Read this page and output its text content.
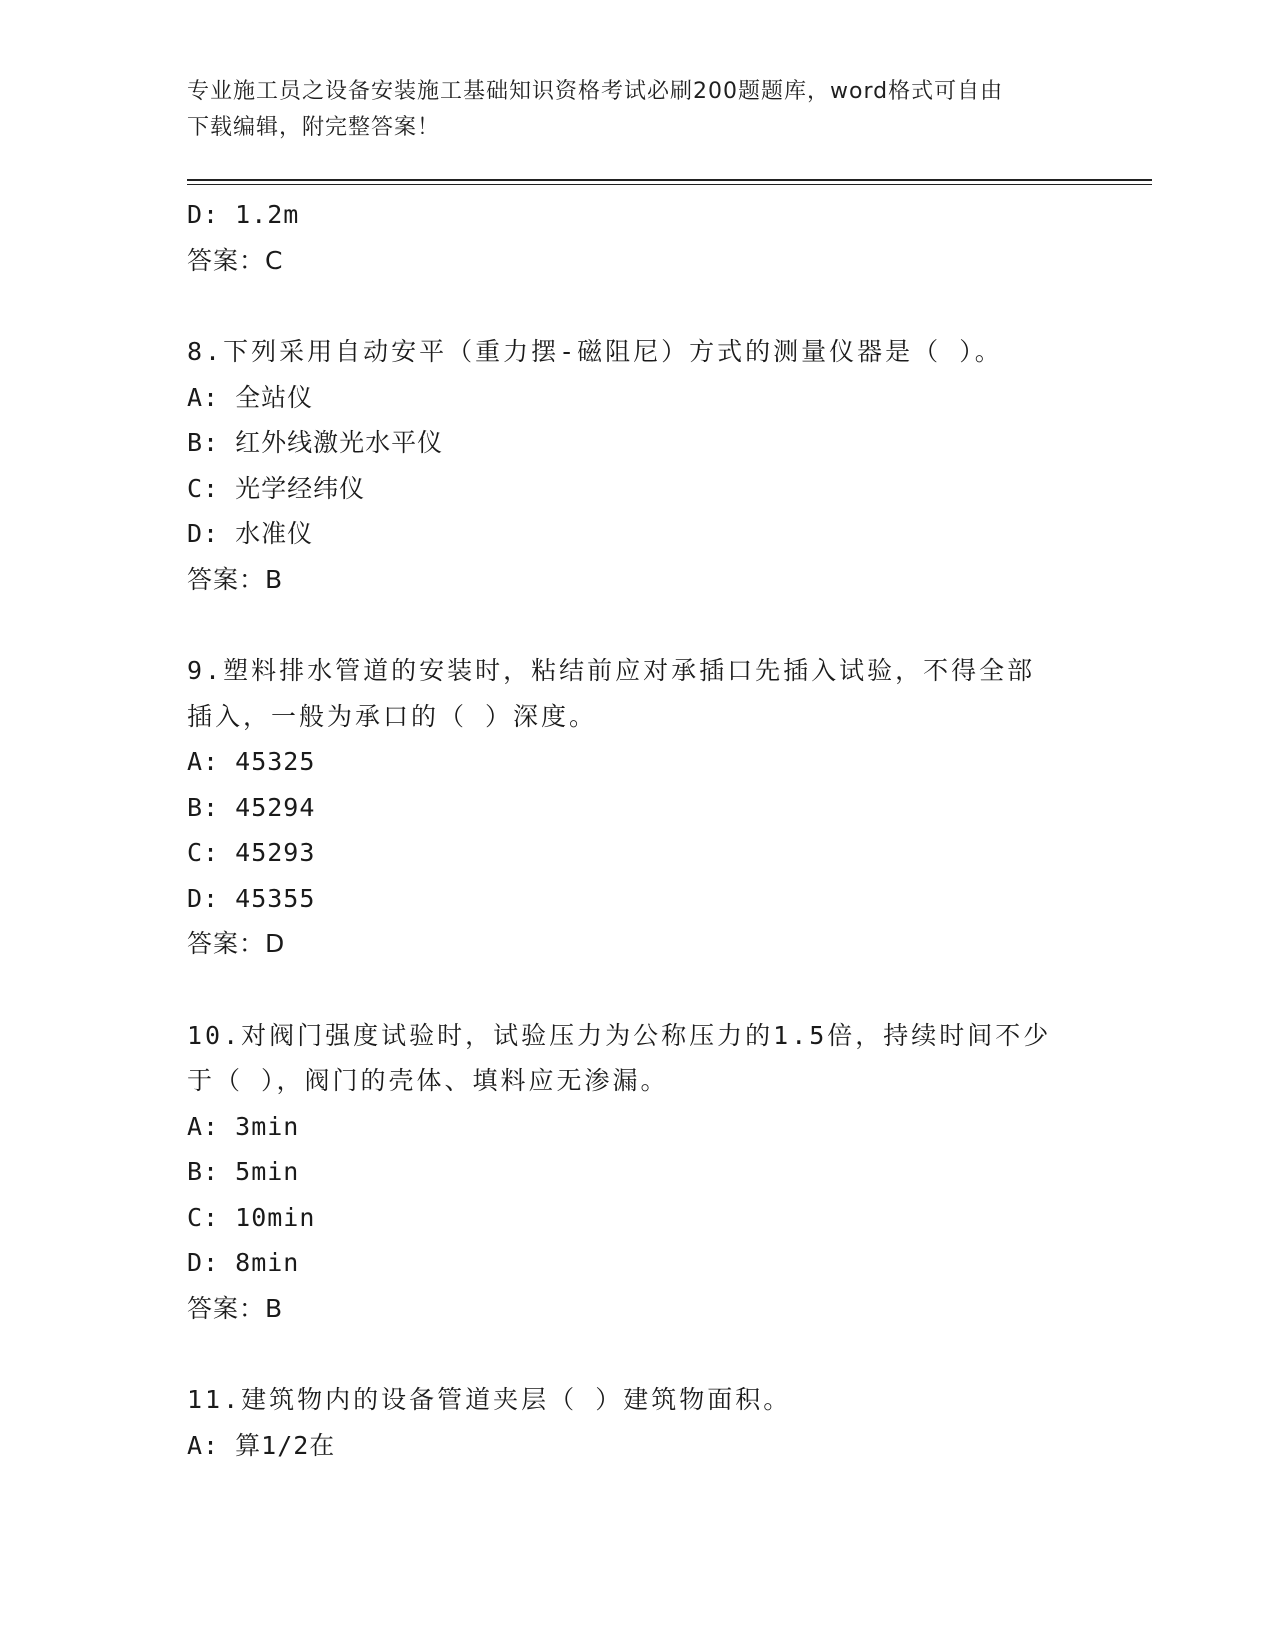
专业施工员之设备安装施工基础知识资格考试必刷200题题库，word格式可自由
下载编辑，附完整答案！
D: 1.2m
答案：C
8.下列采用自动安平（重力摆-磁阻尼）方式的测量仪器是（ ）。
A: 全站仪
B: 红外线激光水平仪
C: 光学经纬仪
D: 水准仪
答案：B
9.塑料排水管道的安装时，粘结前应对承插口先插入试验，不得全部
插入，一般为承口的（ ）深度。
A: 45325
B: 45294
C: 45293
D: 45355
答案：D
10.对阀门强度试验时，试验压力为公称压力的1.5倍，持续时间不少
于（ ），阀门的壳体、填料应无渗漏。
A: 3min
B: 5min
C: 10min
D: 8min
答案：B
11.建筑物内的设备管道夹层（ ）建筑物面积。
A: 算1/2在
